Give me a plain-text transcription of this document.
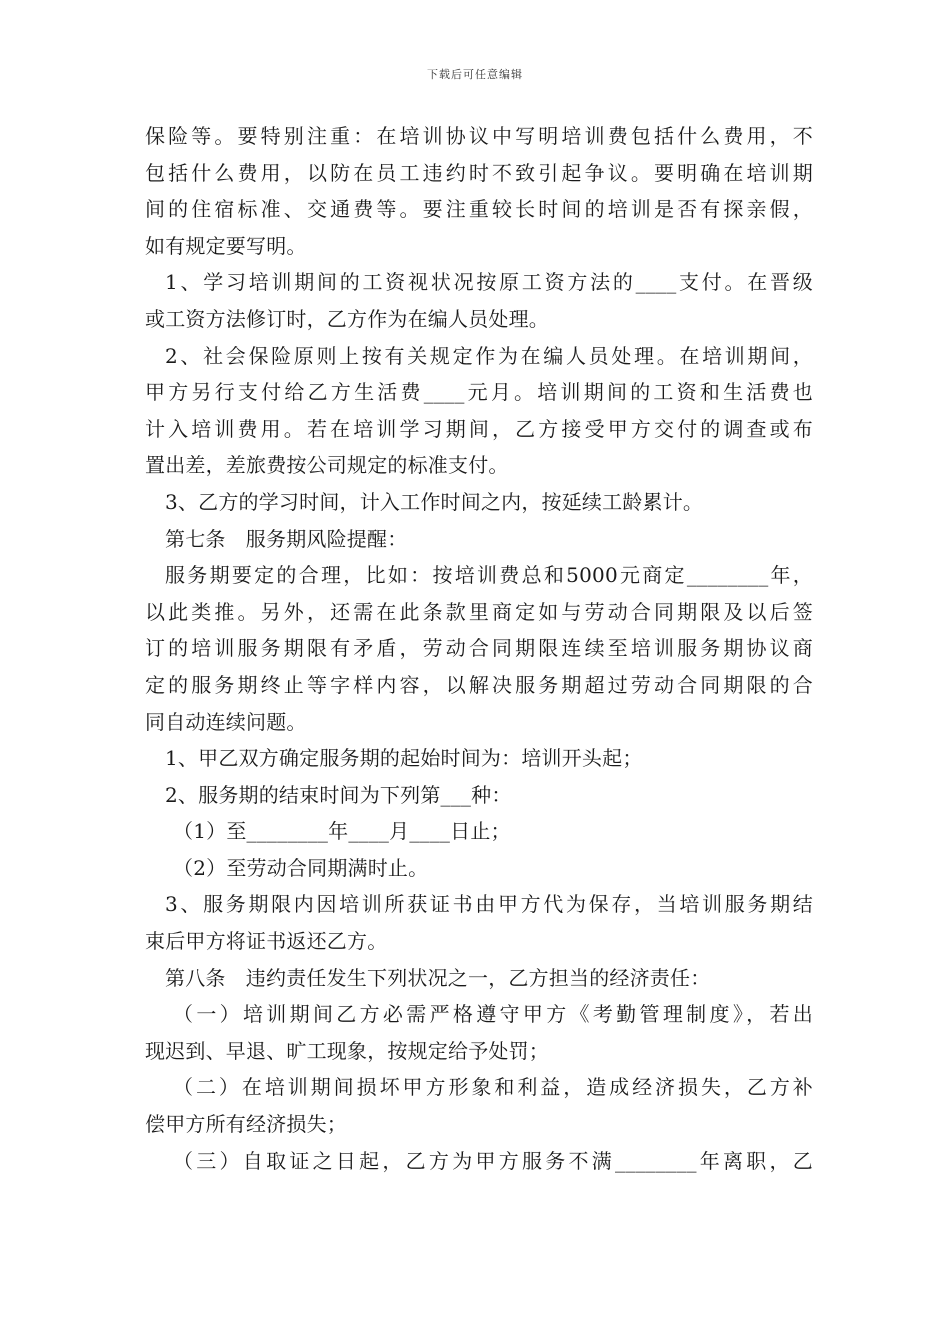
下载后可任意编辑

保险等。要特别注重：在培训协议中写明培训费包括什么费用，不

包括什么费用，以防在员工违约时不致引起争议。要明确在培训期

间的住宿标准、交通费等。要注重较长时间的培训是否有探亲假，

如有规定要写明。

1、学习培训期间的工资视状况按原工资方法的____支付。在晋级

或工资方法修订时，乙方作为在编人员处理。

2、社会保险原则上按有关规定作为在编人员处理。在培训期间，

甲方另行支付给乙方生活费____元月。培训期间的工资和生活费也

计入培训费用。若在培训学习期间，乙方接受甲方交付的调查或布

置出差，差旅费按公司规定的标准支付。

3、乙方的学习时间，计入工作时间之内，按延续工龄累计。

第七条　服务期风险提醒：

服务期要定的合理，比如：按培训费总和5000元商定________年，

以此类推。另外，还需在此条款里商定如与劳动合同期限及以后签

订的培训服务期限有矛盾，劳动合同期限连续至培训服务期协议商

定的服务期终止等字样内容，以解决服务期超过劳动合同期限的合

同自动连续问题。

1、甲乙双方确定服务期的起始时间为：培训开头起；

2、服务期的结束时间为下列第___种：

（1）至________年____月____日止；

（2）至劳动合同期满时止。

3、服务期限内因培训所获证书由甲方代为保存，当培训服务期结

束后甲方将证书返还乙方。

第八条　违约责任发生下列状况之一，乙方担当的经济责任：

（一）培训期间乙方必需严格遵守甲方《考勤管理制度》，若出

现迟到、早退、旷工现象，按规定给予处罚；

（二）在培训期间损坏甲方形象和利益，造成经济损失，乙方补

偿甲方所有经济损失；

（三）自取证之日起，乙方为甲方服务不满________年离职，乙
